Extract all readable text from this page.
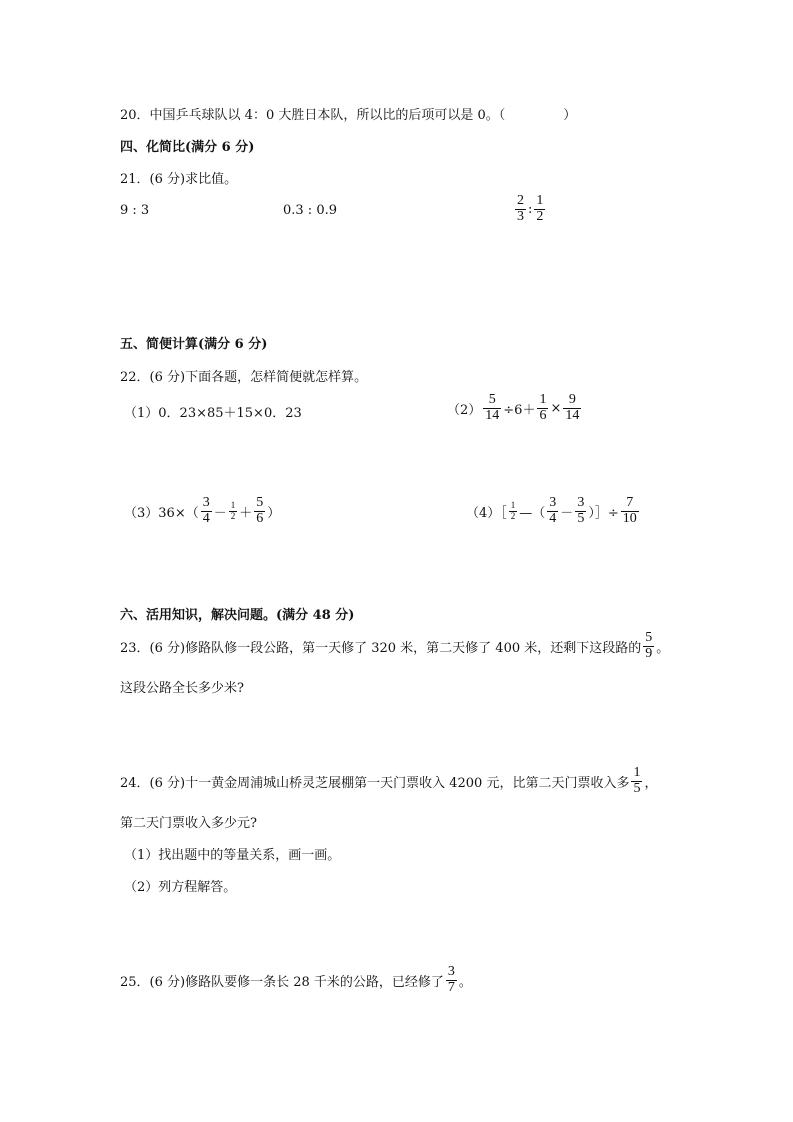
20．中国乒乓球队以 4：0 大胜日本队，所以比的后项可以是 0。（	）
四、化简比(满分 6 分)
21．(6 分)求比值。
9 : 3	0.3 : 0.9	$\frac{2}{3}$ : $\frac{1}{2}$
五、简便计算(满分 6 分)
22．(6 分)下面各题，怎样简便就怎样算。
（1）0．23×85＋15×0．23	$(2) \frac{5}{14} \div 6+ \frac{1}{6} \times \frac{9}{14}$
$(3)36\times( \frac{3}{4} - \frac{1}{2} + \frac{5}{6}$ ）	（4）［ $\frac{1}{2}$ —（ $\frac{3}{4} - \frac{3}{5}$ ）］÷ $\frac{7}{10}$
六、活用知识，解决问题。(满分 48 分)
23．(6 分)修路队修一段公路，第一天修了 320 米，第二天修了 400 米，还剩下这段路的 $\frac{5}{9}$ 。
这段公路全长多少米?
24．(6 分)十一黄金周浦城山桥灵芝展棚第一天门票收入 4200 元，比第二天门票收入多 $\frac{1}{5}$ ，
第二天门票收入多少元?
（1）找出题中的等量关系，画一画。
（2）列方程解答。
25．(6 分)修路队要修一条长 28 千米的公路，已经修了 $\frac{3}{7}$ 。
